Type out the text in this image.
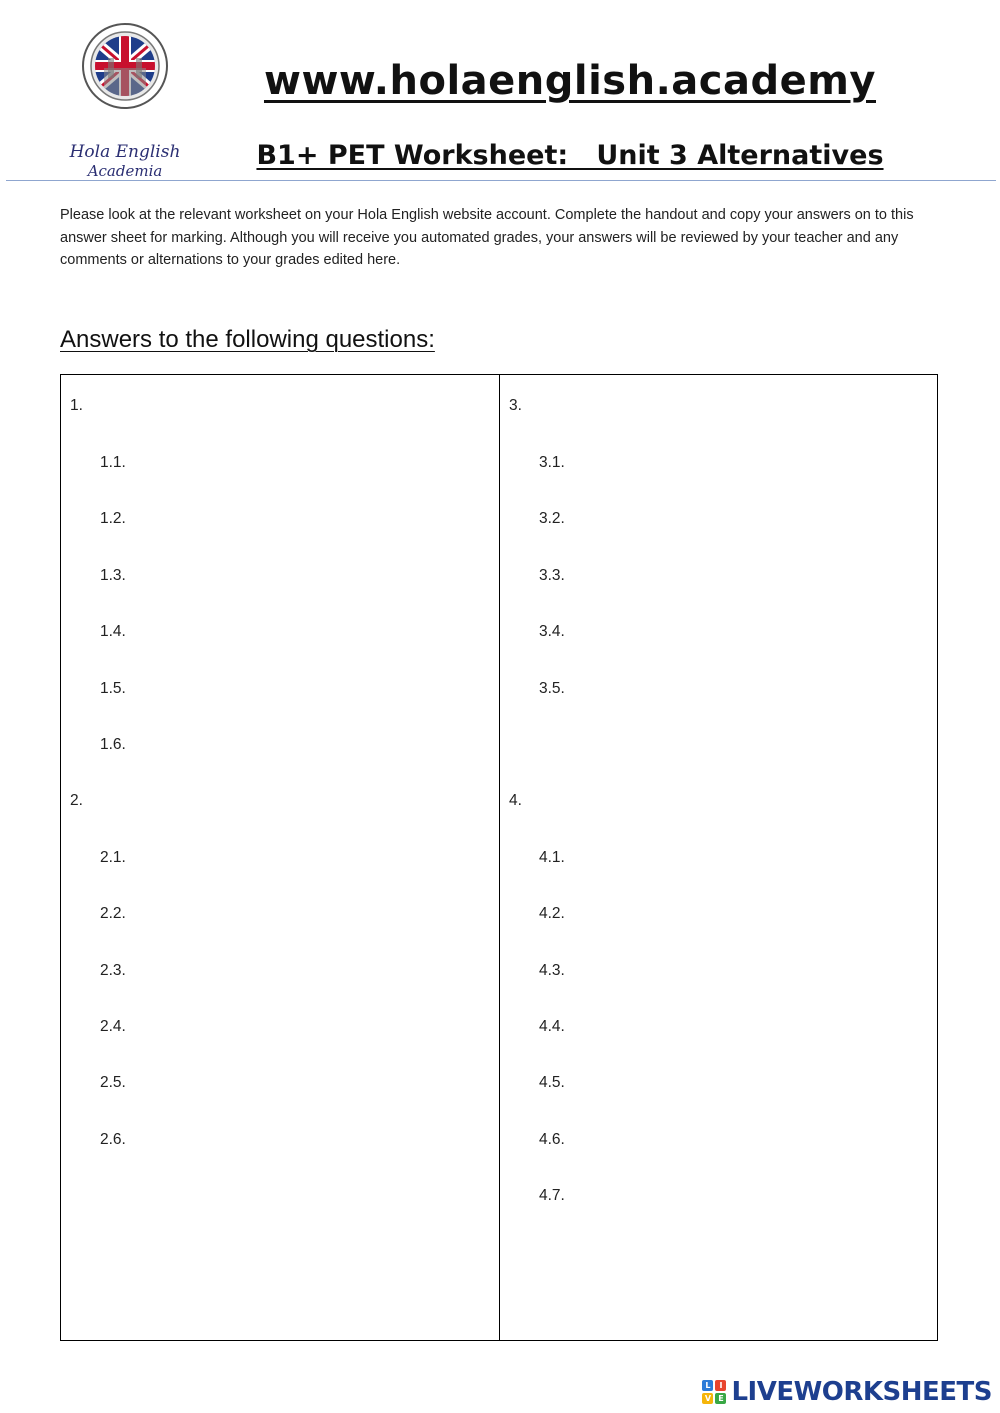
Hola English
Academia
www.holaenglish.academy
B1+ PET Worksheet:   Unit 3 Alternatives
Please look at the relevant worksheet on your Hola English website account. Complete the handout and copy your answers on to this answer sheet for marking. Although you will receive you automated grades, your answers will be reviewed by your teacher and any comments or alternations to your grades edited here.
Answers to the following questions:
1.
1.1.
1.2.
1.3.
1.4.
1.5.
1.6.
2.
2.1.
2.2.
2.3.
2.4.
2.5.
2.6.
3.
3.1.
3.2.
3.3.
3.4.
3.5.
4.
4.1.
4.2.
4.3.
4.4.
4.5.
4.6.
4.7.
L	I
V E LIVEWORKSHEETS
